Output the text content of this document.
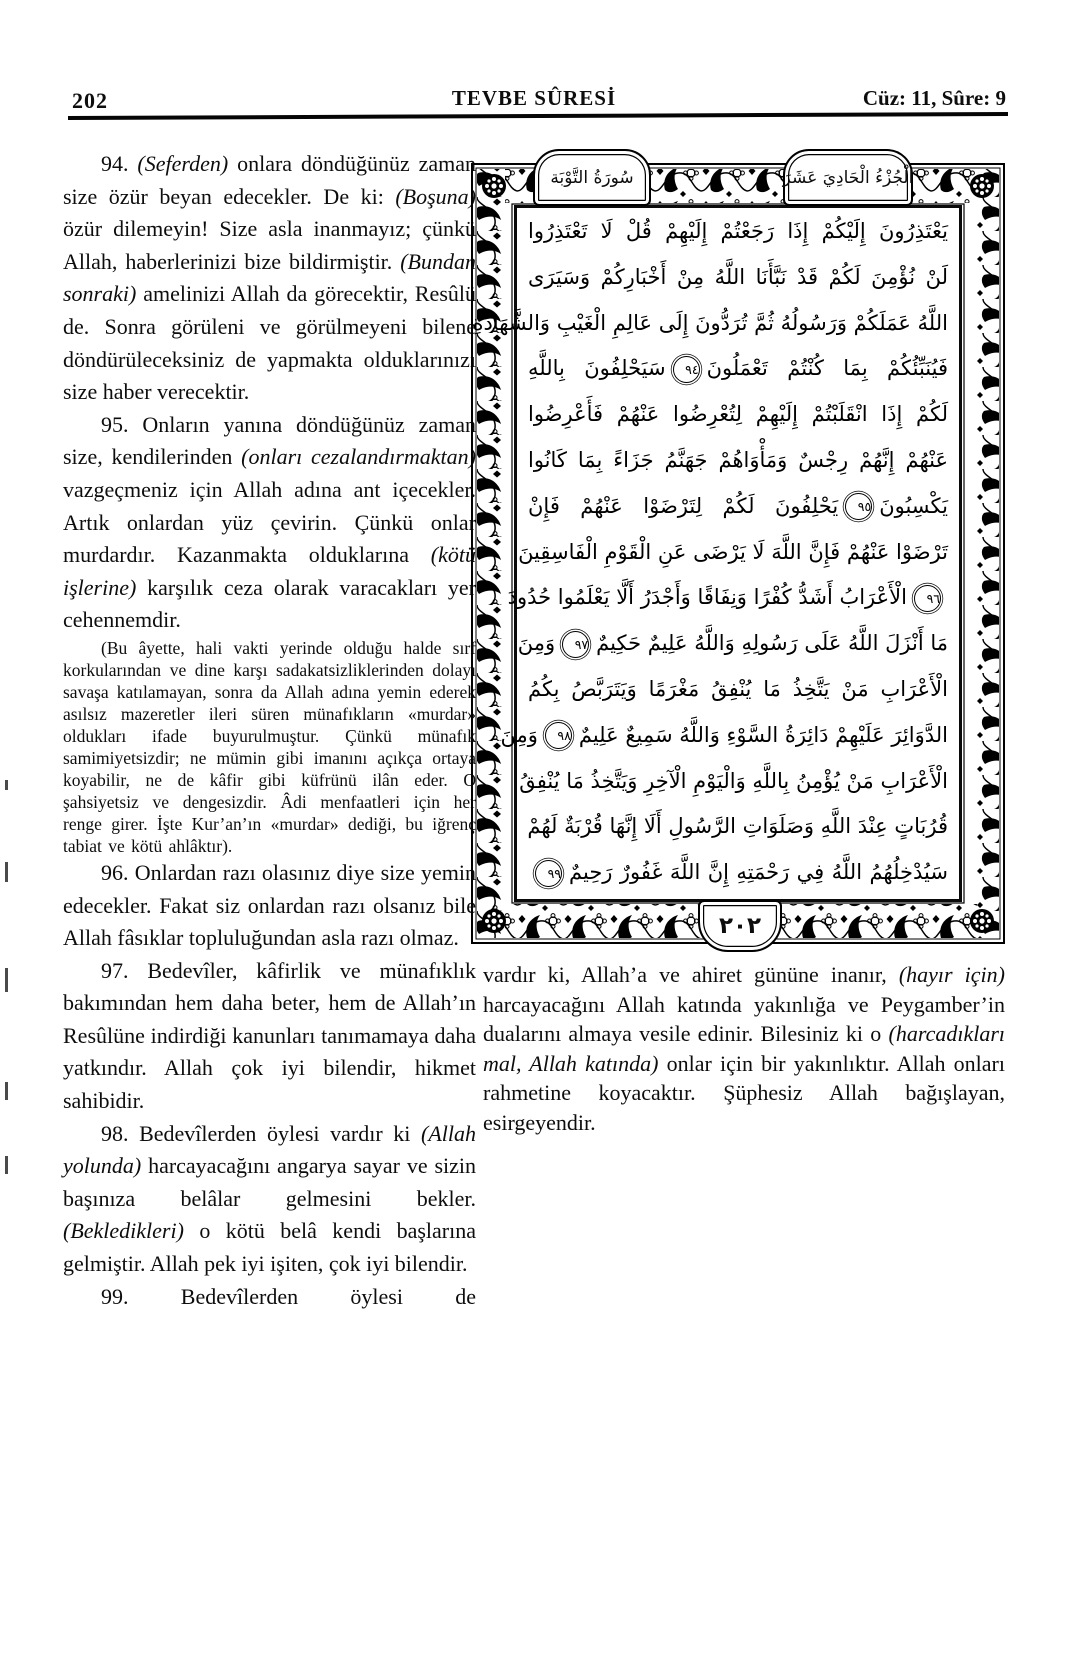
202	TEVBE SÛRESİ	Cüz: 11, Sûre: 9
94. (Seferden) onlara döndüğünüz zaman size özür beyan edecekler. De ki: (Boşuna) özür dilemeyin! Size asla inanmayız; çünkü Allah, haberlerinizi bize bildirmiştir. (Bundan sonraki) amelinizi Allah da görecektir, Resûlü de. Sonra görüleni ve görülmeyeni bilene döndürüleceksiniz de yapmakta olduklarınızı size haber verecektir.
95. Onların yanına döndüğünüz zaman size, kendilerinden (onları cezalandırmaktan) vazgeçmeniz için Allah adına ant içecekler. Artık onlardan yüz çevirin. Çünkü onlar murdardır. Kazanmakta olduklarına (kötü işlerine) karşılık ceza olarak varacakları yer cehennemdir.
(Bu âyette, hali vakti yerinde olduğu halde sırf korkularından ve dine karşı sadakatsizliklerinden dolayı savaşa katılamayan, sonra da Allah adına yemin ederek asılsız mazeretler ileri süren münafıkların «murdar» oldukları ifade buyurulmuştur. Çünkü münafık samimiyetsizdir; ne mümin gibi imanını açıkça ortaya koyabilir, ne de kâfir gibi küfrünü ilân eder. O şahsiyetsiz ve dengesizdir. Âdi menfaatleri için her renge girer. İşte Kur’an’ın «murdar» dediği, bu iğrenç tabiat ve kötü ahlâktır).
96. Onlardan razı olasınız diye size yemin edecekler. Fakat siz onlardan razı olsanız bile Allah fâsıklar topluluğundan asla razı olmaz.
97. Bedevîler, kâfirlik ve münafıklık bakımından hem daha beter, hem de Allah’ın Resûlüne indirdiği kanunları tanımamaya daha yatkındır. Allah çok iyi bilendir, hikmet sahibidir.
98. Bedevîlerden öylesi vardır ki (Allah yolunda) harcayacağını angarya sayar ve sizin başınıza belâlar gelmesini bekler. (Bekledikleri) o kötü belâ kendi başlarına gelmiştir. Allah pek iyi işiten, çok iyi bilendir.
99. Bedevîlerden öylesi de
يَعْتَذِرُونَ إِلَيْكُمْ إِذَا رَجَعْتُمْ إِلَيْهِمْ قُلْ لَا تَعْتَذِرُوا
لَنْ نُؤْمِنَ لَكُمْ قَدْ نَبَّأَنَا اللَّهُ مِنْ أَخْبَارِكُمْ وَسَيَرَى
اللَّهُ عَمَلَكُمْ وَرَسُولُهُ ثُمَّ تُرَدُّونَ إِلَى عَالِمِ الْغَيْبِ وَالشَّهَادَةِ
فَيُنَبِّئُكُمْ بِمَا كُنْتُمْ تَعْمَلُونَ٩٤سَيَحْلِفُونَ بِاللَّهِ
لَكُمْ إِذَا انْقَلَبْتُمْ إِلَيْهِمْ لِتُعْرِضُوا عَنْهُمْ فَأَعْرِضُوا
عَنْهُمْ إِنَّهُمْ رِجْسٌ وَمَأْوَاهُمْ جَهَنَّمُ جَزَاءً بِمَا كَانُوا
يَكْسِبُونَ٩٥يَحْلِفُونَ لَكُمْ لِتَرْضَوْا عَنْهُمْ فَإِنْ
تَرْضَوْا عَنْهُمْ فَإِنَّ اللَّهَ لَا يَرْضَى عَنِ الْقَوْمِ الْفَاسِقِينَ
٩٦الْأَعْرَابُ أَشَدُّ كُفْرًا وَنِفَاقًا وَأَجْدَرُ أَلَّا يَعْلَمُوا حُدُودَ
مَا أَنْزَلَ اللَّهُ عَلَى رَسُولِهِ وَاللَّهُ عَلِيمٌ حَكِيمٌ٩٧وَمِنَ
الْأَعْرَابِ مَنْ يَتَّخِذُ مَا يُنْفِقُ مَغْرَمًا وَيَتَرَبَّصُ بِكُمُ
الدَّوَائِرَ عَلَيْهِمْ دَائِرَةُ السَّوْءِ وَاللَّهُ سَمِيعٌ عَلِيمٌ٩٨وَمِنَ
الْأَعْرَابِ مَنْ يُؤْمِنُ بِاللَّهِ وَالْيَوْمِ الْآخِرِ وَيَتَّخِذُ مَا يُنْفِقُ
قُرُبَاتٍ عِنْدَ اللَّهِ وَصَلَوَاتِ الرَّسُولِ أَلَا إِنَّهَا قُرْبَةٌ لَهُمْ
سَيُدْخِلُهُمُ اللَّهُ فِي رَحْمَتِهِ إِنَّ اللَّهَ غَفُورٌ رَحِيمٌ٩٩
سُورَةُ التَّوْبَة	الْجُزْءُ الْحَادِيَ عَشَرَ
٢٠٢
vardır ki, Allah’a ve ahiret gününe inanır, (hayır için) harcayacağını Allah katında yakınlığa ve Peygamber’in dualarını almaya vesile edinir. Bilesiniz ki o (harcadıkları mal, Allah katında) onlar için bir yakınlıktır. Allah onları rahmetine koyacaktır. Şüphesiz Allah bağışlayan, esirgeyendir.
